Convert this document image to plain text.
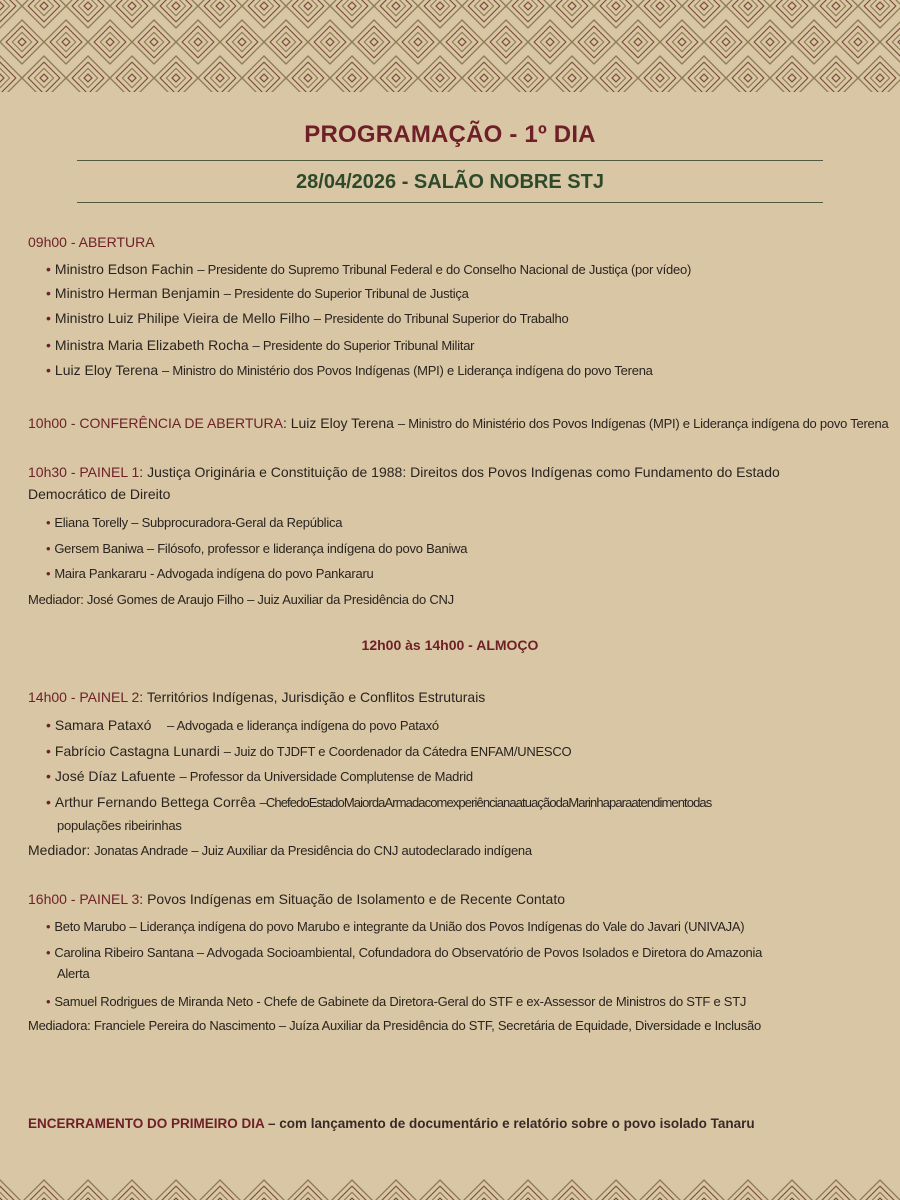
PROGRAMAÇÃO - 1º DIA
28/04/2026 - SALÃO NOBRE STJ
09h00 - ABERTURA
• Ministro Edson Fachin – Presidente do Supremo Tribunal Federal e do Conselho Nacional de Justiça (por vídeo)
• Ministro Herman Benjamin – Presidente do Superior Tribunal de Justiça
• Ministro Luiz Philipe Vieira de Mello Filho – Presidente do Tribunal Superior do Trabalho
• Ministra Maria Elizabeth Rocha – Presidente do Superior Tribunal Militar
• Luiz Eloy Terena – Ministro do Ministério dos Povos Indígenas (MPI) e Liderança indígena do povo Terena
10h00 - CONFERÊNCIA DE ABERTURA: Luiz Eloy Terena – Ministro do Ministério dos Povos Indígenas (MPI) e Liderança indígena do povo Terena
10h30 - PAINEL 1: Justiça Originária e Constituição de 1988: Direitos dos Povos Indígenas como Fundamento do Estado
Democrático de Direito
• Eliana Torelly – Subprocuradora-Geral da República
• Gersem Baniwa – Filósofo, professor e liderança indígena do povo Baniwa
• Maira Pankararu - Advogada indígena do povo Pankararu
Mediador: José Gomes de Araujo Filho – Juiz Auxiliar da Presidência do CNJ
12h00 às 14h00 - ALMOÇO
14h00 - PAINEL 2: Territórios Indígenas, Jurisdição e Conflitos Estruturais
• Samara Pataxó – Advogada e liderança indígena do povo Pataxó
• Fabrício Castagna Lunardi – Juiz do TJDFT e Coordenador da Cátedra ENFAM/UNESCO
• José Díaz Lafuente – Professor da Universidade Complutense de Madrid
• Arthur Fernando Bettega Corrêa –ChefedoEstadoMaiordaArmadacomexperiêncianaatuaçãodaMarinhaparaatendimentodas
populações ribeirinhas
Mediador: Jonatas Andrade – Juiz Auxiliar da Presidência do CNJ autodeclarado indígena
16h00 - PAINEL 3: Povos Indígenas em Situação de Isolamento e de Recente Contato
• Beto Marubo – Liderança indígena do povo Marubo e integrante da União dos Povos Indígenas do Vale do Javari (UNIVAJA)
• Carolina Ribeiro Santana – Advogada Socioambiental, Cofundadora do Observatório de Povos Isolados e Diretora do Amazonia
Alerta
• Samuel Rodrigues de Miranda Neto - Chefe de Gabinete da Diretora-Geral do STF e ex-Assessor de Ministros do STF e STJ
Mediadora: Franciele Pereira do Nascimento – Juíza Auxiliar da Presidência do STF, Secretária de Equidade, Diversidade e Inclusão
ENCERRAMENTO DO PRIMEIRO DIA – com lançamento de documentário e relatório sobre o povo isolado Tanaru
